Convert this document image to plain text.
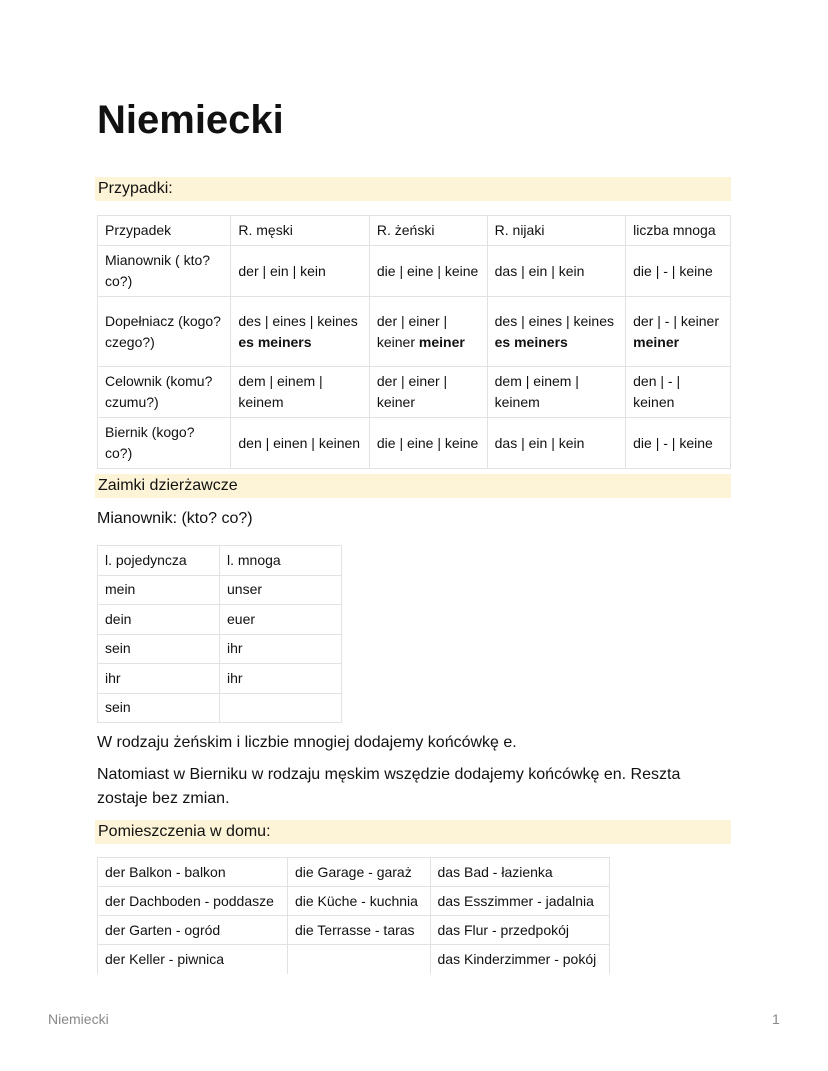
Niemiecki
Przypadki:
Przypadek	R. męski	R. żeński	R. nijaki	liczba mnoga
Mianownik ( kto? co?)	der | ein | kein	die | eine | keine	das | ein | kein	die | - | keine
Dopełniacz (kogo? czego?)	des | eines | keines es meiners	der | einer | keiner meiner	des | eines | keines es meiners	der | - | keiner meiner
Celownik (komu? czumu?)	dem | einem | keinem	der | einer | keiner	dem | einem | keinem	den | - | keinen
Biernik (kogo? co?)	den | einen | keinen	die | eine | keine	das | ein | kein	die | - | keine
Zaimki dzierżawcze
Mianownik: (kto? co?)
l. pojedyncza	l. mnoga
mein	unser
dein	euer
sein	ihr
ihr	ihr
sein	
W rodzaju żeńskim i liczbie mnogiej dodajemy końcówkę e.
Natomiast w Bierniku w rodzaju męskim wszędzie dodajemy końcówkę en. Reszta zostaje bez zmian.
Pomieszczenia w domu:
der Balkon - balkon	die Garage - garaż	das Bad - łazienka
der Dachboden - poddasze	die Küche - kuchnia	das Esszimmer - jadalnia
der Garten - ogród	die Terrasse - taras	das Flur - przedpokój
der Keller - piwnica		das Kinderzimmer - pokój
Niemiecki	1
